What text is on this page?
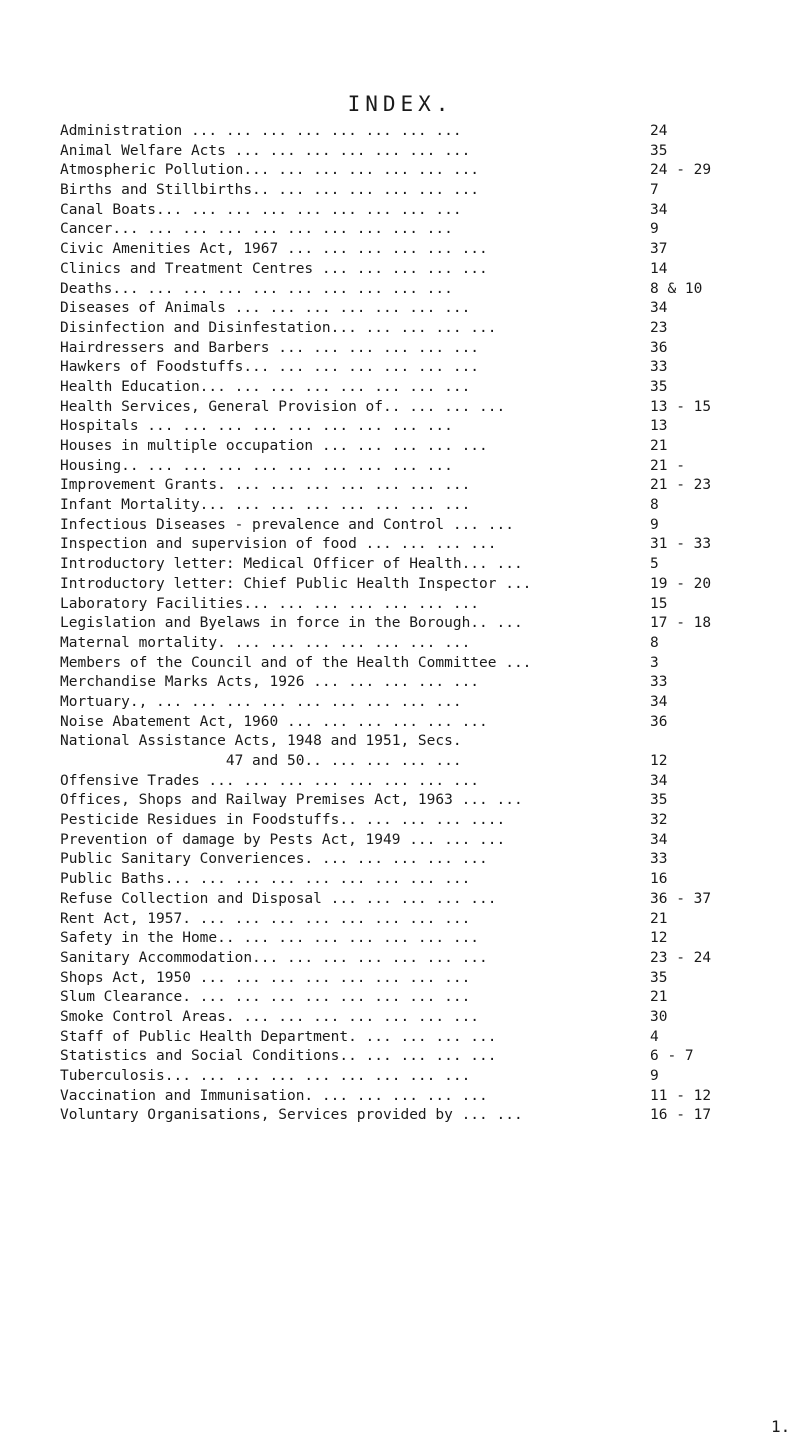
INDEX.
Administration ... ... ... ... ... ... ... ...	24
Animal Welfare Acts ... ... ... ... ... ... ...	35
Atmospheric Pollution... ... ... ... ... ... ...	24 - 29
Births and Stillbirths.. ... ... ... ... ... ...	7
Canal Boats... ... ... ... ... ... ... ... ...	34
Cancer... ... ... ... ... ... ... ... ... ...	9
Civic Amenities Act, 1967 ... ... ... ... ... ...	37
Clinics and Treatment Centres ... ... ... ... ...	14
Deaths... ... ... ... ... ... ... ... ... ...	8 & 10
Diseases of Animals ... ... ... ... ... ... ...	34
Disinfection and Disinfestation... ... ... ... ...	23
Hairdressers and Barbers ... ... ... ... ... ...	36
Hawkers of Foodstuffs... ... ... ... ... ... ...	33
Health Education... ... ... ... ... ... ... ...	35
Health Services, General Provision of.. ... ... ...	13 - 15
Hospitals ... ... ... ... ... ... ... ... ...	13
Houses in multiple occupation ... ... ... ... ...	21
Housing.. ... ... ... ... ... ... ... ... ...	21 -
Improvement Grants. ... ... ... ... ... ... ...	21 - 23
Infant Mortality... ... ... ... ... ... ... ...	8
Infectious Diseases - prevalence and Control ... ...	9
Inspection and supervision of food ... ... ... ...	31 - 33
Introductory letter: Medical Officer of Health... ...	5
Introductory letter: Chief Public Health Inspector ...	19 - 20
Laboratory Facilities... ... ... ... ... ... ...	15
Legislation and Byelaws in force in the Borough.. ...	17 - 18
Maternal mortality. ... ... ... ... ... ... ...	8
Members of the Council and of the Health Committee ...	3
Merchandise Marks Acts, 1926 ... ... ... ... ...	33
Mortuary., ... ... ... ... ... ... ... ... ...	34
Noise Abatement Act, 1960 ... ... ... ... ... ...	36
National Assistance Acts, 1948 and 1951, Secs.
47 and 50.. ... ... ... ...	12
Offensive Trades ... ... ... ... ... ... ... ...	34
Offices, Shops and Railway Premises Act, 1963 ... ...	35
Pesticide Residues in Foodstuffs.. ... ... ... ....	32
Prevention of damage by Pests Act, 1949 ... ... ...	34
Public Sanitary Converiences. ... ... ... ... ...	33
Public Baths... ... ... ... ... ... ... ... ...	16
Refuse Collection and Disposal ... ... ... ... ...	36 - 37
Rent Act, 1957. ... ... ... ... ... ... ... ...	21
Safety in the Home.. ... ... ... ... ... ... ...	12
Sanitary Accommodation... ... ... ... ... ... ...	23 - 24
Shops Act, 1950 ... ... ... ... ... ... ... ...	35
Slum Clearance. ... ... ... ... ... ... ... ...	21
Smoke Control Areas. ... ... ... ... ... ... ...	30
Staff of Public Health Department. ... ... ... ...	4
Statistics and Social Conditions.. ... ... ... ...	6 - 7
Tuberculosis... ... ... ... ... ... ... ... ...	9
Vaccination and Immunisation. ... ... ... ... ...	11 - 12
Voluntary Organisations, Services provided by ... ...	16 - 17
1.
